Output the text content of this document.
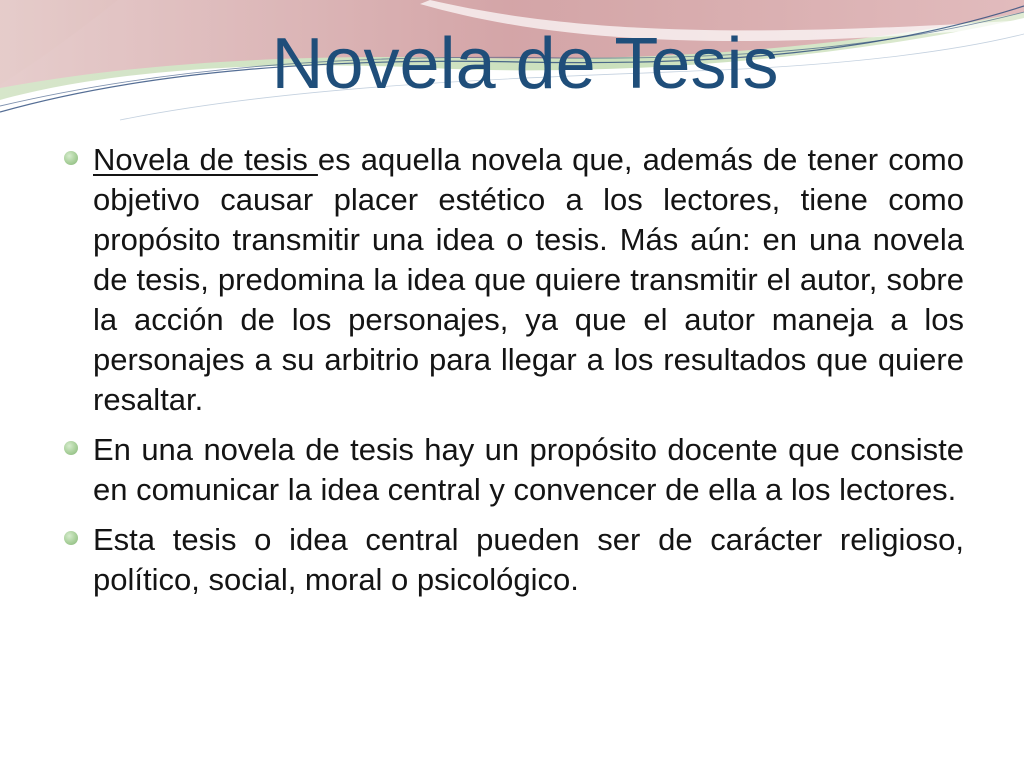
Novela de Tesis
Novela de tesis es aquella novela que, además de tener como objetivo causar placer estético a los lectores, tiene como propósito transmitir una idea o tesis. Más aún: en una novela de tesis, predomina la idea que quiere transmitir el autor, sobre la acción de los personajes, ya que el autor maneja a los personajes a su arbitrio para llegar a los resultados que quiere resaltar.
En una novela de tesis hay un propósito docente que consiste en comunicar la idea central y convencer de ella a los lectores.
Esta tesis o idea central pueden ser de carácter religioso, político, social, moral o psicológico.
